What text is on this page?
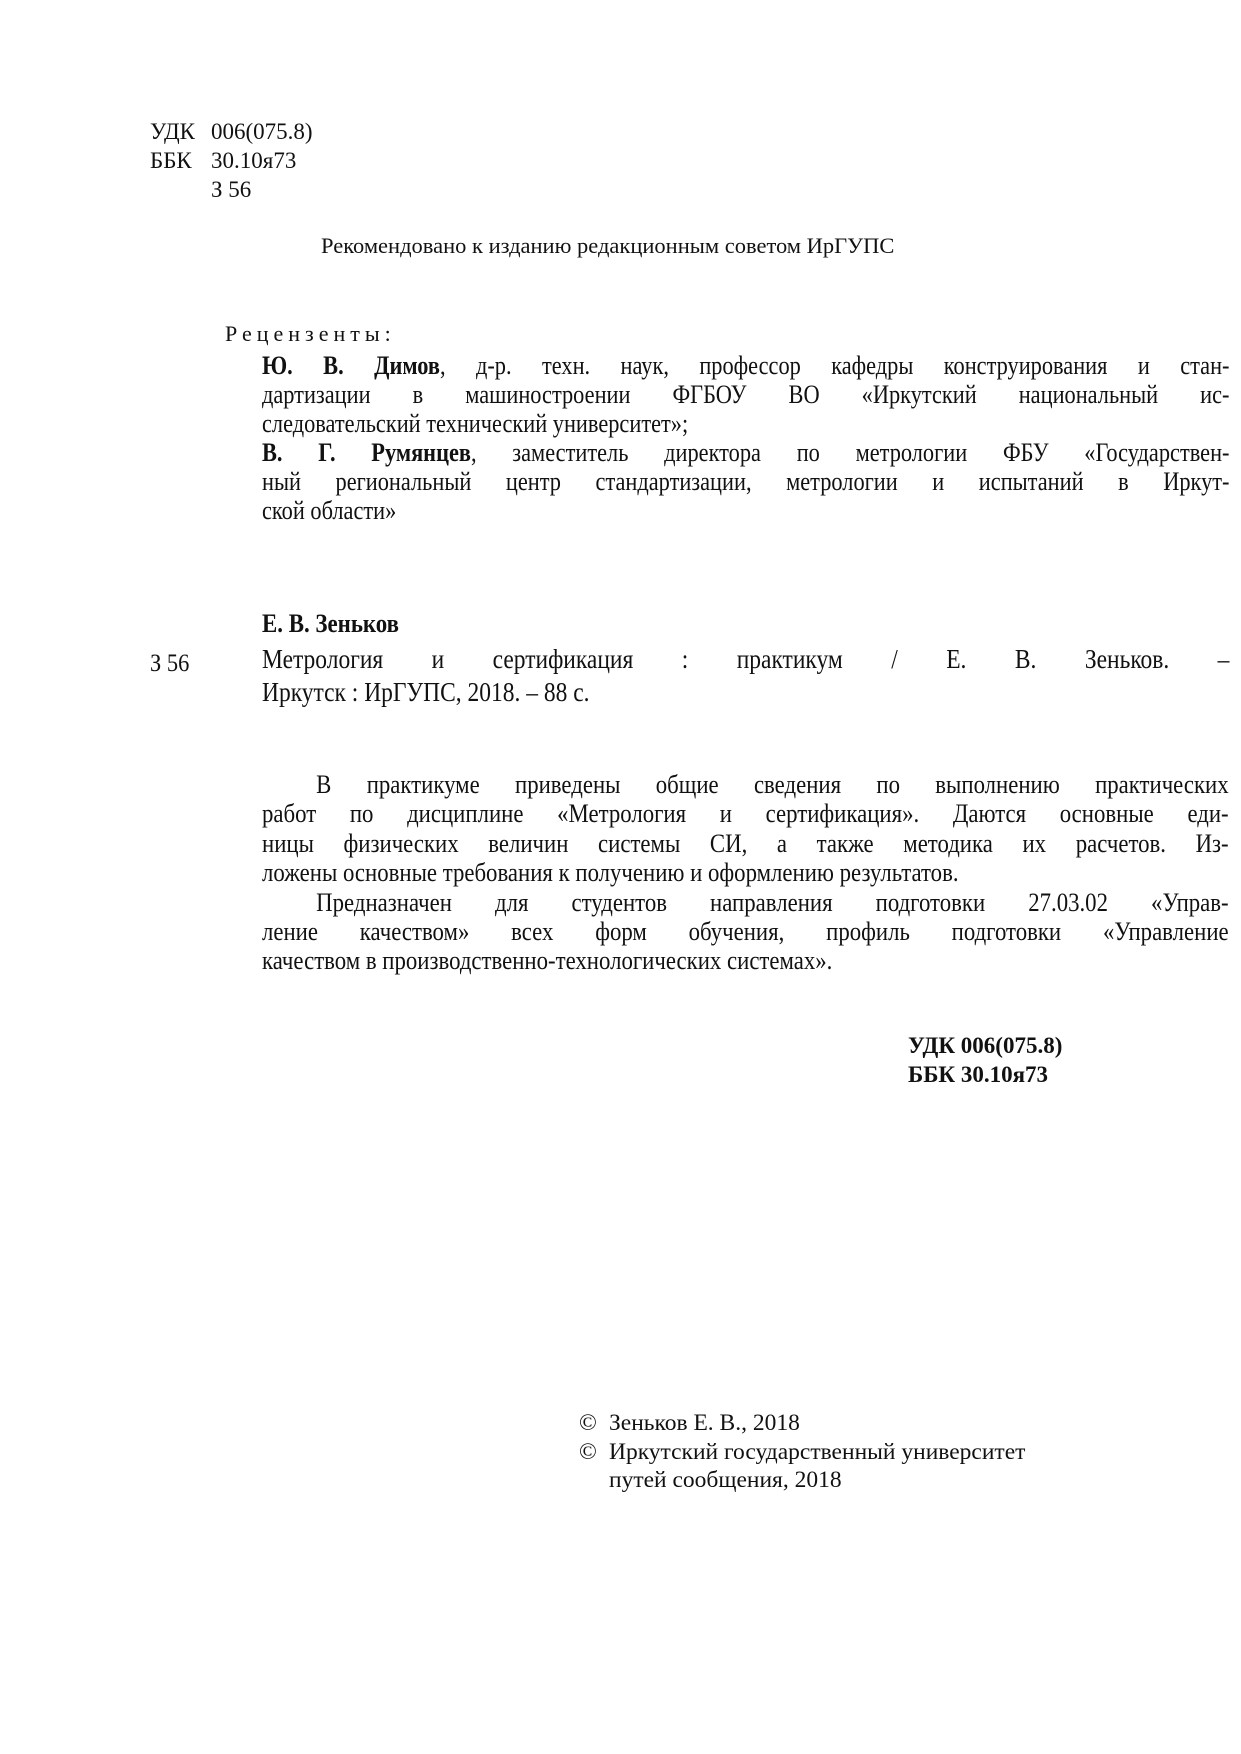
УДК 006(075.8)
ББК 30.10я73
З 56
Рекомендовано к изданию редакционным советом ИрГУПС
Рецензенты:
Ю. В. Димов, д-р. техн. наук, профессор кафедры конструирования и стан-
дартизации в машиностроении ФГБОУ ВО «Иркутский национальный ис-
следовательский технический университет»;
В. Г. Румянцев, заместитель директора по метрологии ФБУ «Государствен-
ный региональный центр стандартизации, метрологии и испытаний в Иркут-
ской области»
Е. В. Зеньков
З 56	Метрология и сертификация : практикум / Е. В. Зеньков. –
Иркутск : ИрГУПС, 2018. – 88 с.
В практикуме приведены общие сведения по выполнению практических
работ по дисциплине «Метрология и сертификация». Даются основные еди-
ницы физических величин системы СИ, а также методика их расчетов. Из-
ложены основные требования к получению и оформлению результатов.
Предназначен для студентов направления подготовки 27.03.02 «Управ-
ление качеством» всех форм обучения, профиль подготовки «Управление
качеством в производственно-технологических системах».
УДК 006(075.8)
ББК 30.10я73
© Зеньков Е. В., 2018
© Иркутский государственный университет
путей сообщения, 2018
